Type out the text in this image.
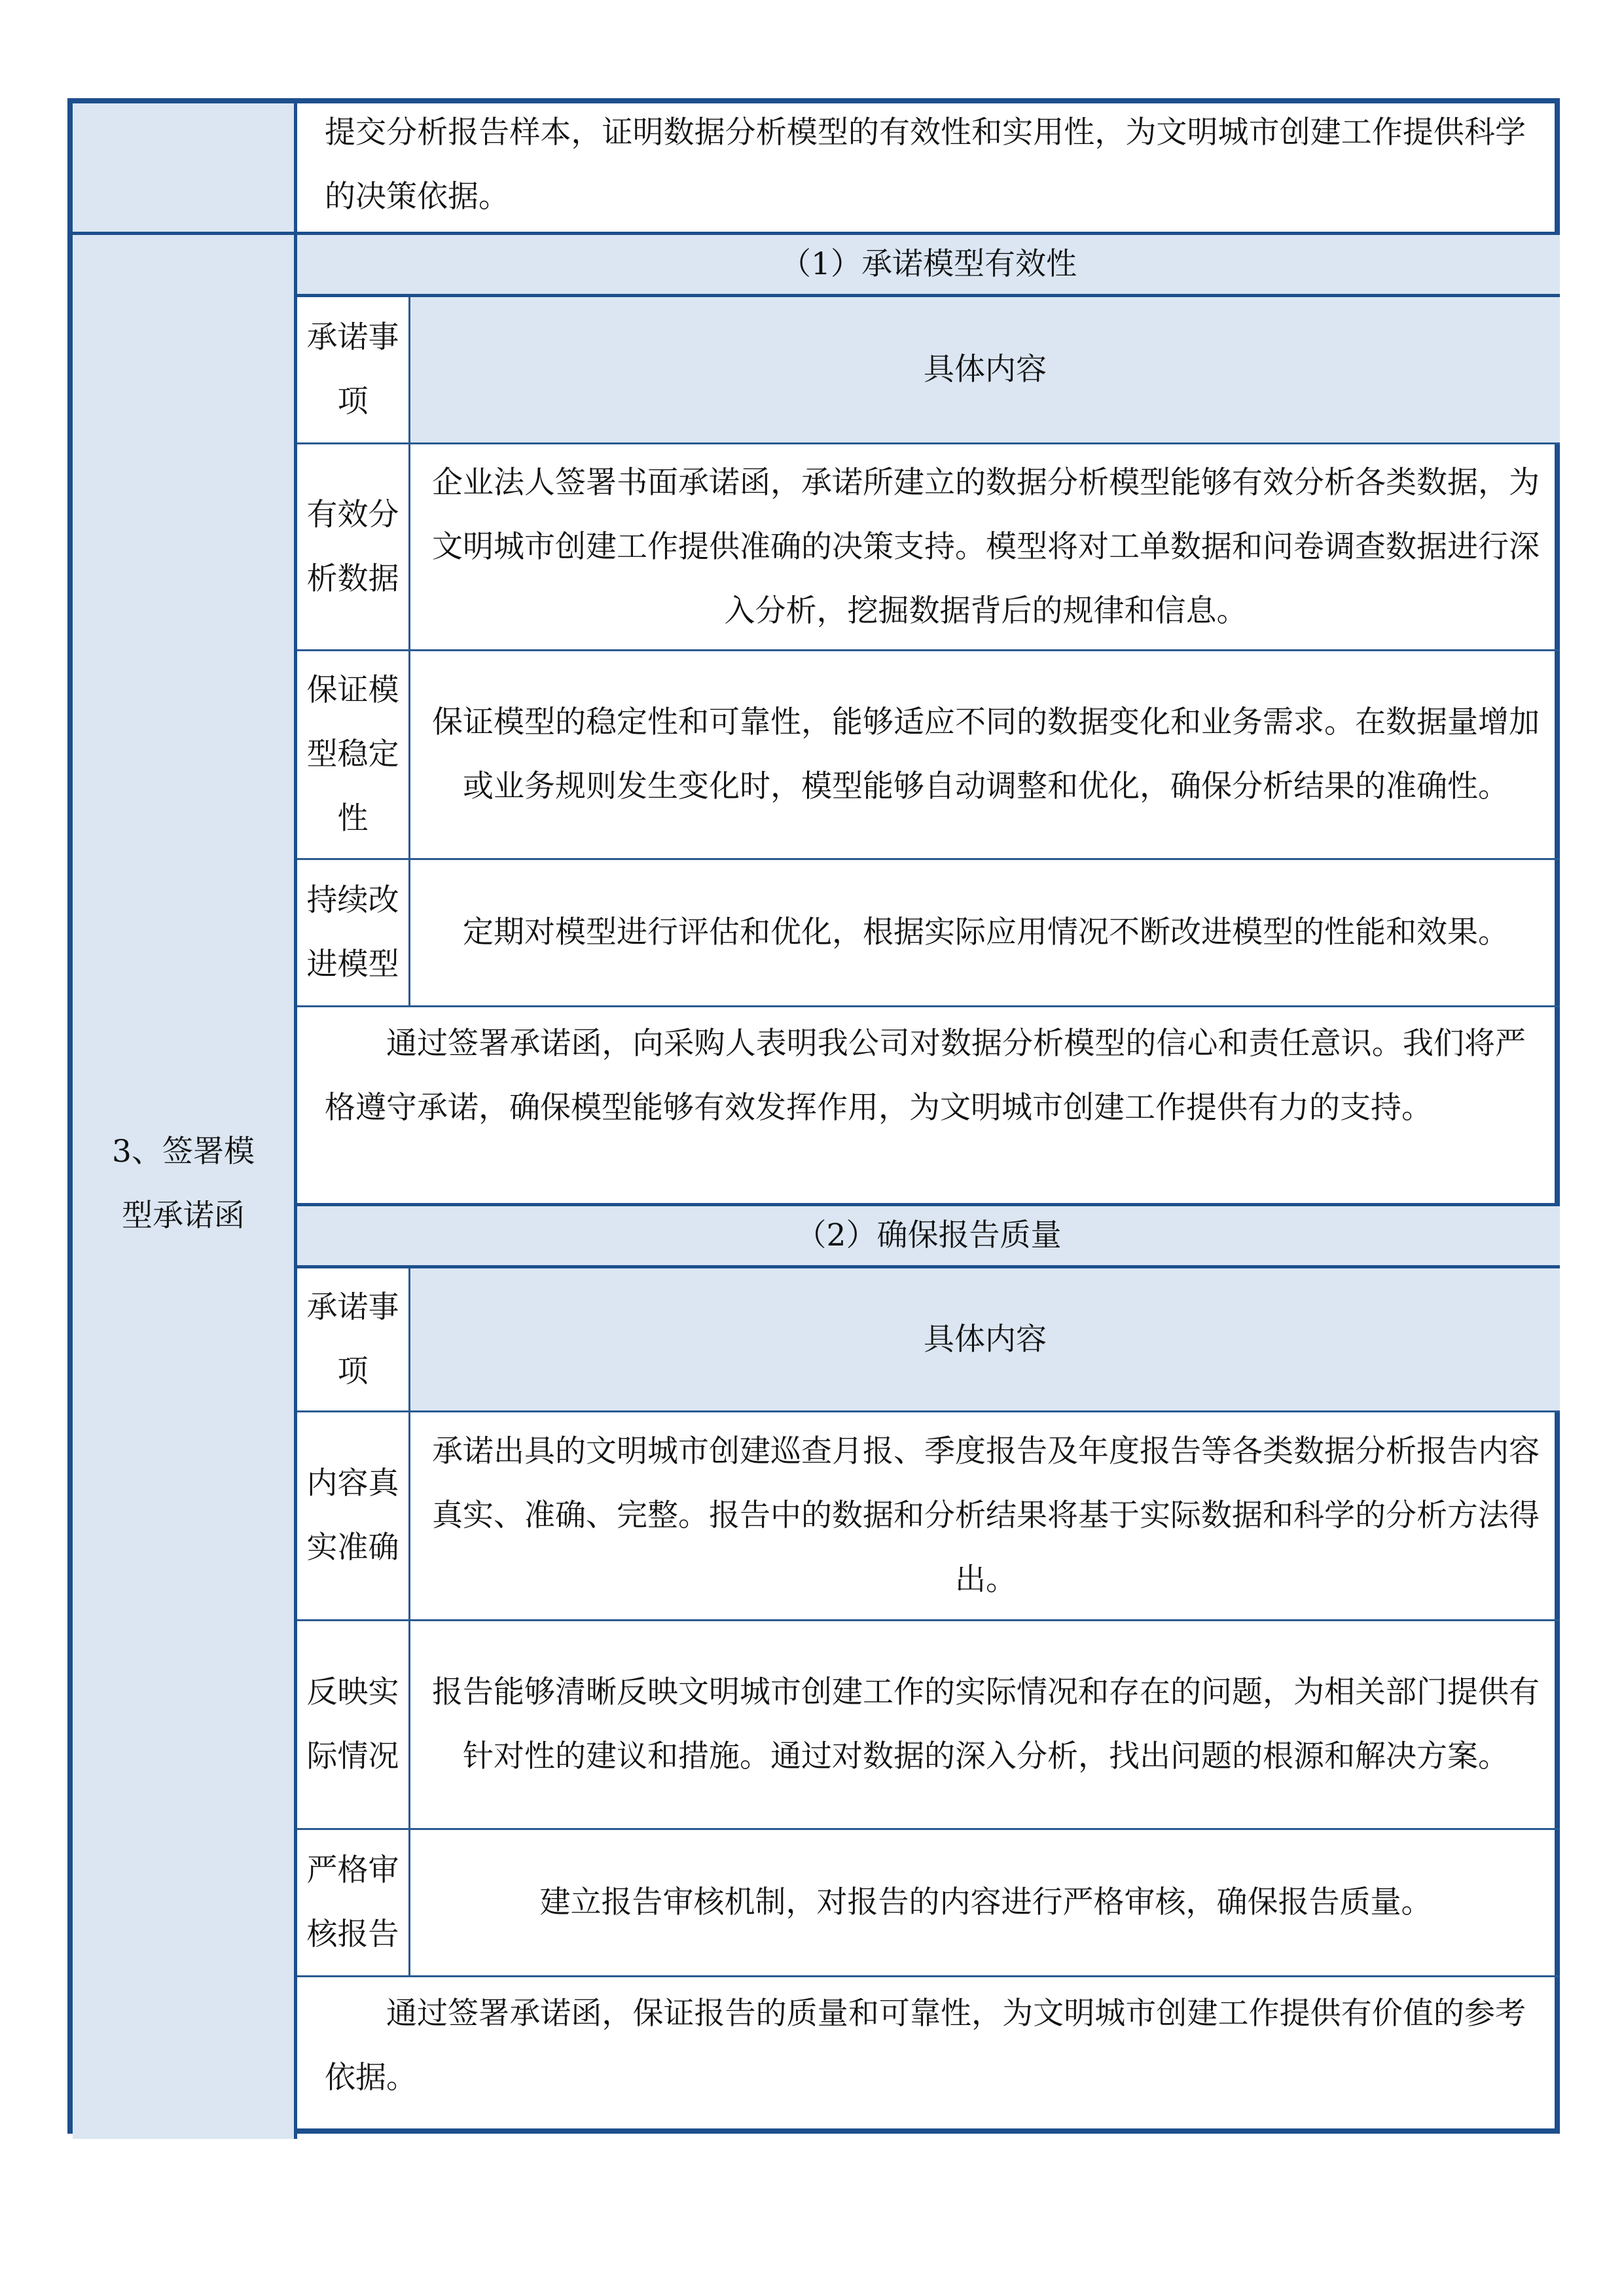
提交分析报告样本，证明数据分析模型的有效性和实用性，为文明城市创建工作提供科学的决策依据。
3、签署模型承诺函
（1）承诺模型有效性
承诺事项
具体内容
有效分析数据
企业法人签署书面承诺函，承诺所建立的数据分析模型能够有效分析各类数据，为文明城市创建工作提供准确的决策支持。模型将对工单数据和问卷调查数据进行深入分析，挖掘数据背后的规律和信息。
保证模型稳定性
保证模型的稳定性和可靠性，能够适应不同的数据变化和业务需求。在数据量增加或业务规则发生变化时，模型能够自动调整和优化，确保分析结果的准确性。
持续改进模型
定期对模型进行评估和优化，根据实际应用情况不断改进模型的性能和效果。
通过签署承诺函，向采购人表明我公司对数据分析模型的信心和责任意识。我们将严格遵守承诺，确保模型能够有效发挥作用，为文明城市创建工作提供有力的支持。
（2）确保报告质量
承诺事项
具体内容
内容真实准确
承诺出具的文明城市创建巡查月报、季度报告及年度报告等各类数据分析报告内容真实、准确、完整。报告中的数据和分析结果将基于实际数据和科学的分析方法得出。
反映实际情况
报告能够清晰反映文明城市创建工作的实际情况和存在的问题，为相关部门提供有针对性的建议和措施。通过对数据的深入分析，找出问题的根源和解决方案。
严格审核报告
建立报告审核机制，对报告的内容进行严格审核，确保报告质量。
通过签署承诺函，保证报告的质量和可靠性，为文明城市创建工作提供有价值的参考依据。
